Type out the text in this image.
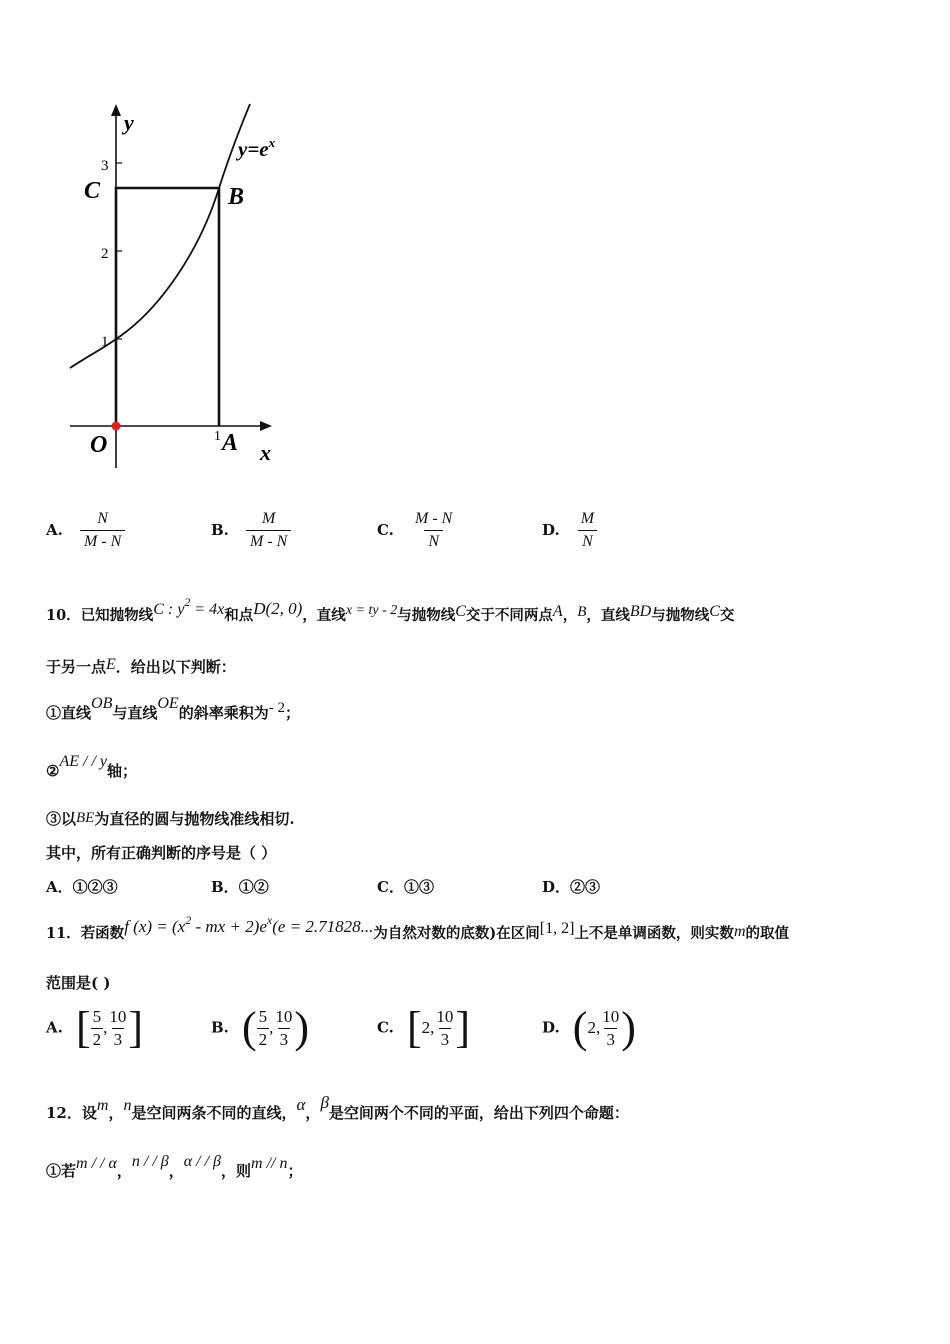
y
x
$y=e^x$
3
2
1
1
C	B
O	A
A. $\frac{N}{M - N}$	B. $\frac{M}{M - N}$	C. $\frac{M - N}{N}$	D. $\frac{M}{N}$
10．已知抛物线C : $y^2 = 4x$和点D(2, 0)，直线x = ty - 2与抛物线C交于不同两点A，B，直线BD与抛物线C交
于另一点E．给出以下判断：
①直线OB与直线OE的斜率乘积为- 2；
②AE / / y轴；
③以BE为直径的圆与抛物线准线相切.
其中，所有正确判断的序号是（ ）
A．①②③	B．①②	C．①③	D．②③
11．若函数f $(x) = (x^2$ - mx + $2)e^x(e = 2.71828$...为自然对数的底数)在区间[1, 2]上不是单调函数，则实数m的取值
范围是( )
A. [ $\frac{5}{2}$ , $\frac{10}{3}$ ]	B. ( $\frac{5}{2}$ , $\frac{10}{3}$ )	C. [2, $\frac{10}{3}$ ]	D. (2, $\frac{10}{3}$ )
12．设m，n是空间两条不同的直线，α，β是空间两个不同的平面，给出下列四个命题：
①若m / / α，n / / β，α / / β，则m // n；
